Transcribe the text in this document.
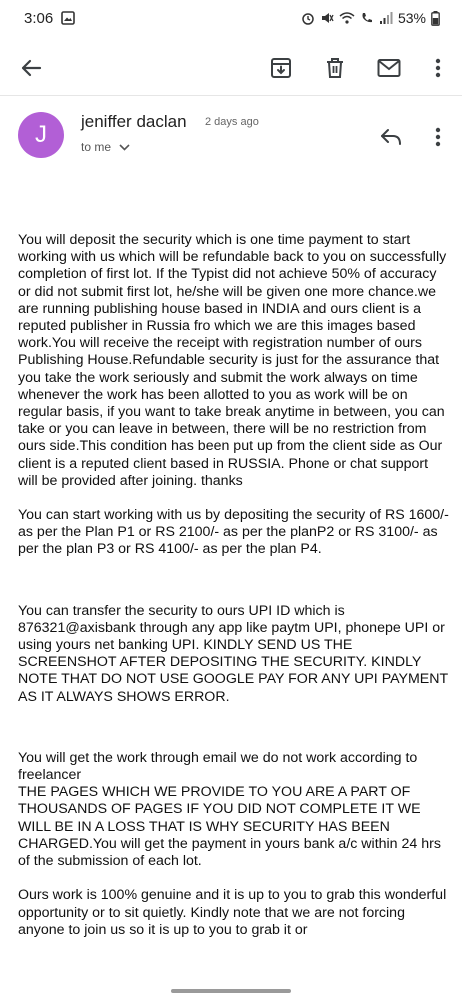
3:06	53%
J jeniffer daclan 2 days ago
to me

You will deposit the security which is one time payment to start working with us which will be refundable back to you on successfully completion of first lot. If the Typist did not achieve 50% of accuracy or did not submit first lot, he/she will be given one more chance.we are running publishing house based in INDIA and ours client is a reputed publisher in Russia fro which we are this images based work.You will receive the receipt with registration number of ours Publishing House.Refundable security is just for the assurance that you take the work seriously and submit the work always on time whenever the work has been allotted to you as work will be on regular basis, if you want to take break anytime in between, you can take or you can leave in between, there will be no restriction from ours side.This condition has been put up from the client side as Our client is a reputed client based in RUSSIA. Phone or chat support will be provided after joining. thanks

You can start working with us by depositing the security of RS 1600/- as per the Plan P1 or RS 2100/- as per the planP2 or RS 3100/- as per the plan P3 or RS 4100/- as per the plan P4.

You can transfer the security to ours UPI ID which is 876321@axisbank through any app like paytm UPI, phonepe UPI or using yours net banking UPI. KINDLY SEND US THE SCREENSHOT AFTER DEPOSITING THE SECURITY. KINDLY NOTE THAT DO NOT USE GOOGLE PAY FOR ANY UPI PAYMENT AS IT ALWAYS SHOWS ERROR.

You will get the work through email we do not work according to freelancer
THE PAGES WHICH WE PROVIDE TO YOU ARE A PART OF THOUSANDS OF PAGES IF YOU DID NOT COMPLETE IT WE WILL BE IN A LOSS THAT IS WHY SECURITY HAS BEEN CHARGED.You will get the payment in yours bank a/c within 24 hrs of the submission of each lot.

Ours work is 100% genuine and it is up to you to grab this wonderful opportunity or to sit quietly. Kindly note that we are not forcing anyone to join us so it is up to you to grab it or
